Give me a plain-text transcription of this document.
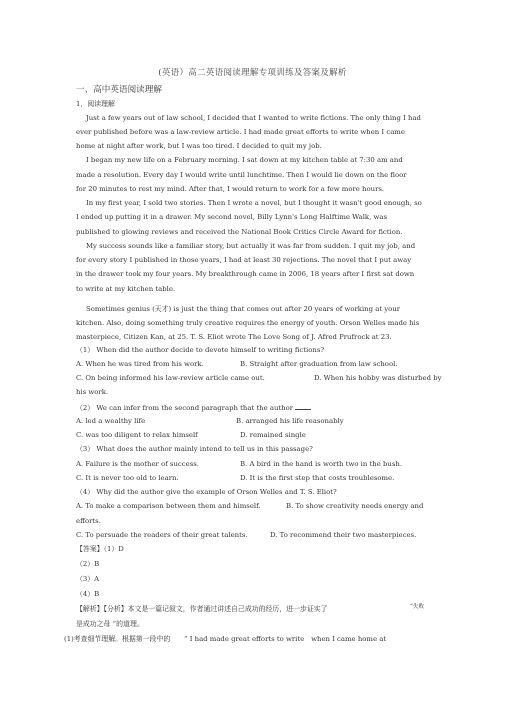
(英语）高二英语阅读理解专项训练及答案及解析
一、高中英语阅读理解
1．阅读理解
Just a few years out of law school, I decided that I wanted to write fictions. The only thing I had
ever published before was a law-review article. I had made great efforts to write when I came
home at night after work, but I was too tired. I decided to quit my job.
I began my new life on a February morning. I sat down at my kitchen table at 7:30 am and
made a resolution. Every day I would write until lunchtime. Then I would lie down on the floor
for 20 minutes to rest my mind. After that, I would return to work for a few more hours.
In my first year, I sold two stories. Then I wrote a novel, but I thought it wasn't good enough, so
I ended up putting it in a drawer. My second novel, Billy Lynn's Long Halftime Walk, was
published to glowing reviews and received the National Book Critics Circle Award for fiction.
My success sounds like a familiar story, but actually it was far from sudden. I quit my job, and
for every story I published in those years, I had at least 30 rejections. The novel that I put away
in the drawer took my four years. My breakthrough came in 2006, 18 years after I first sat down
to write at my kitchen table.
Sometimes genius (天才) is just the thing that comes out after 20 years of working at your
kitchen. Also, doing something truly creative requires the energy of youth. Orson Welles made his
masterpiece, Citizen Kan, at 25. T. S. Eliot wrote The Love Song of J. Afred Prufrock at 23.
（1） When did the author decide to devote himself to writing fictions?
A. When he was tired from his work.	B. Straight after graduation from law school.
C. On being informed his law-review article came out.	D. When his hobby was disturbed by
his work.
（2） We can infer from the second paragraph that the author
A. led a wealthy life	B. arranged his life reasonably
C. was too diligent to relax himself	D. remained single
（3） What does the author mainly intend to tell us in this passage?
A. Failure is the mother of success.	B. A bird in the hand is worth two in the bush.
C. It is never too old to learn.	D. It is the first step that costs troublesome.
（4） Why did the author give the example of Orson Welles and T. S. Eliot?
A. To make a comparison between them and himself.	B. To show creativity needs energy and
efforts.
C. To persuade the readers of their great talents.	D. To recommend their two masterpieces.
【答案】（1）D
（2）B
（3）A
（4）B
【解析】【分析】本文是一篇记叙文，作者通过讲述自己成功的经历，进一步证实了	“失败
是成功之母 ”的道理。
(1)考查细节理解。根据第一段中的　　“ I had made great efforts to write　when I came home at
